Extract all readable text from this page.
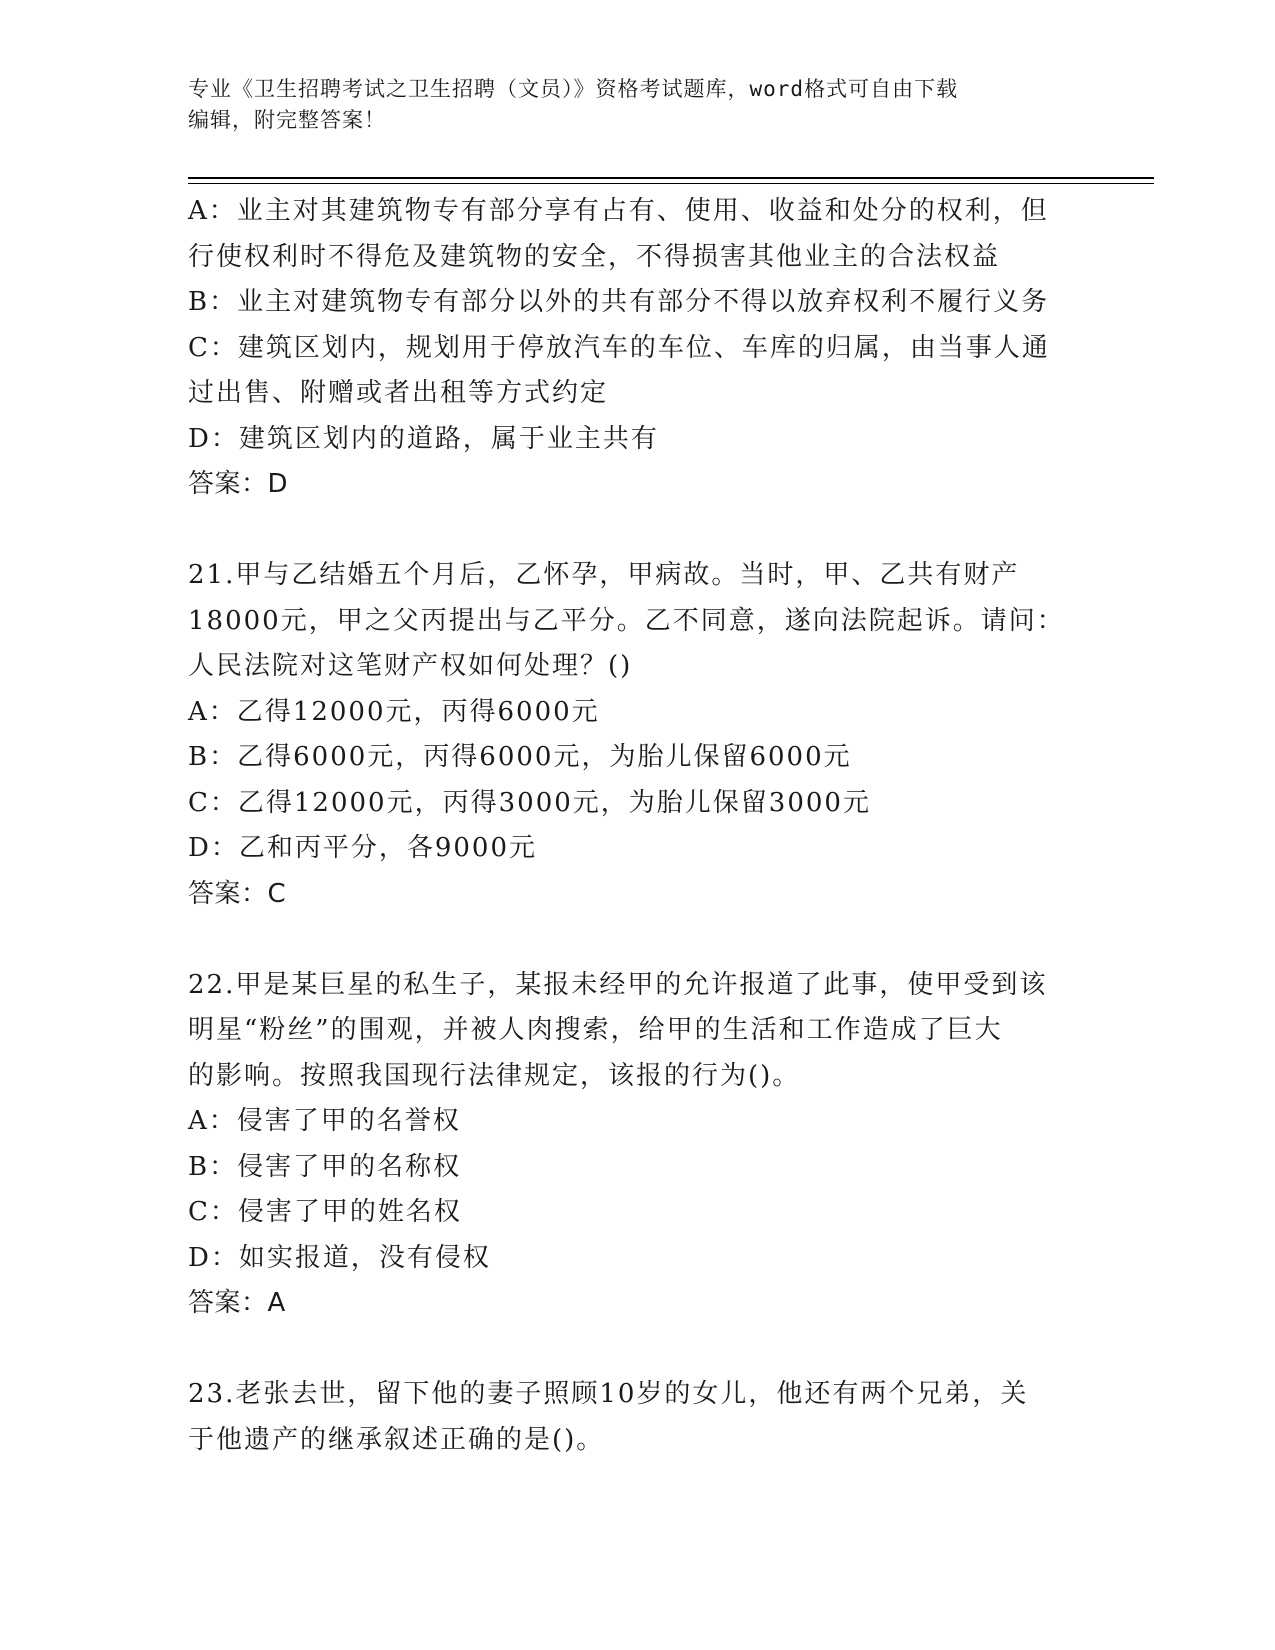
专业《卫生招聘考试之卫生招聘（文员）》资格考试题库，word格式可自由下载
编辑，附完整答案！

A：业主对其建筑物专有部分享有占有、使用、收益和处分的权利，但

行使权利时不得危及建筑物的安全，不得损害其他业主的合法权益

B：业主对建筑物专有部分以外的共有部分不得以放弃权利不履行义务

C：建筑区划内，规划用于停放汽车的车位、车库的归属，由当事人通

过出售、附赠或者出租等方式约定

D：建筑区划内的道路，属于业主共有

答案：D

21.甲与乙结婚五个月后，乙怀孕，甲病故。当时，甲、乙共有财产

18000元，甲之父丙提出与乙平分。乙不同意，遂向法院起诉。请问：

人民法院对这笔财产权如何处理？()

A：乙得12000元，丙得6000元

B：乙得6000元，丙得6000元，为胎儿保留6000元

C：乙得12000元，丙得3000元，为胎儿保留3000元

D：乙和丙平分，各9000元

答案：C

22.甲是某巨星的私生子，某报未经甲的允许报道了此事，使甲受到该

明星“粉丝”的围观，并被人肉搜索，给甲的生活和工作造成了巨大

的影响。按照我国现行法律规定，该报的行为()。

A：侵害了甲的名誉权

B：侵害了甲的名称权

C：侵害了甲的姓名权

D：如实报道，没有侵权

答案：A

23.老张去世，留下他的妻子照顾10岁的女儿，他还有两个兄弟，关

于他遗产的继承叙述正确的是()。
